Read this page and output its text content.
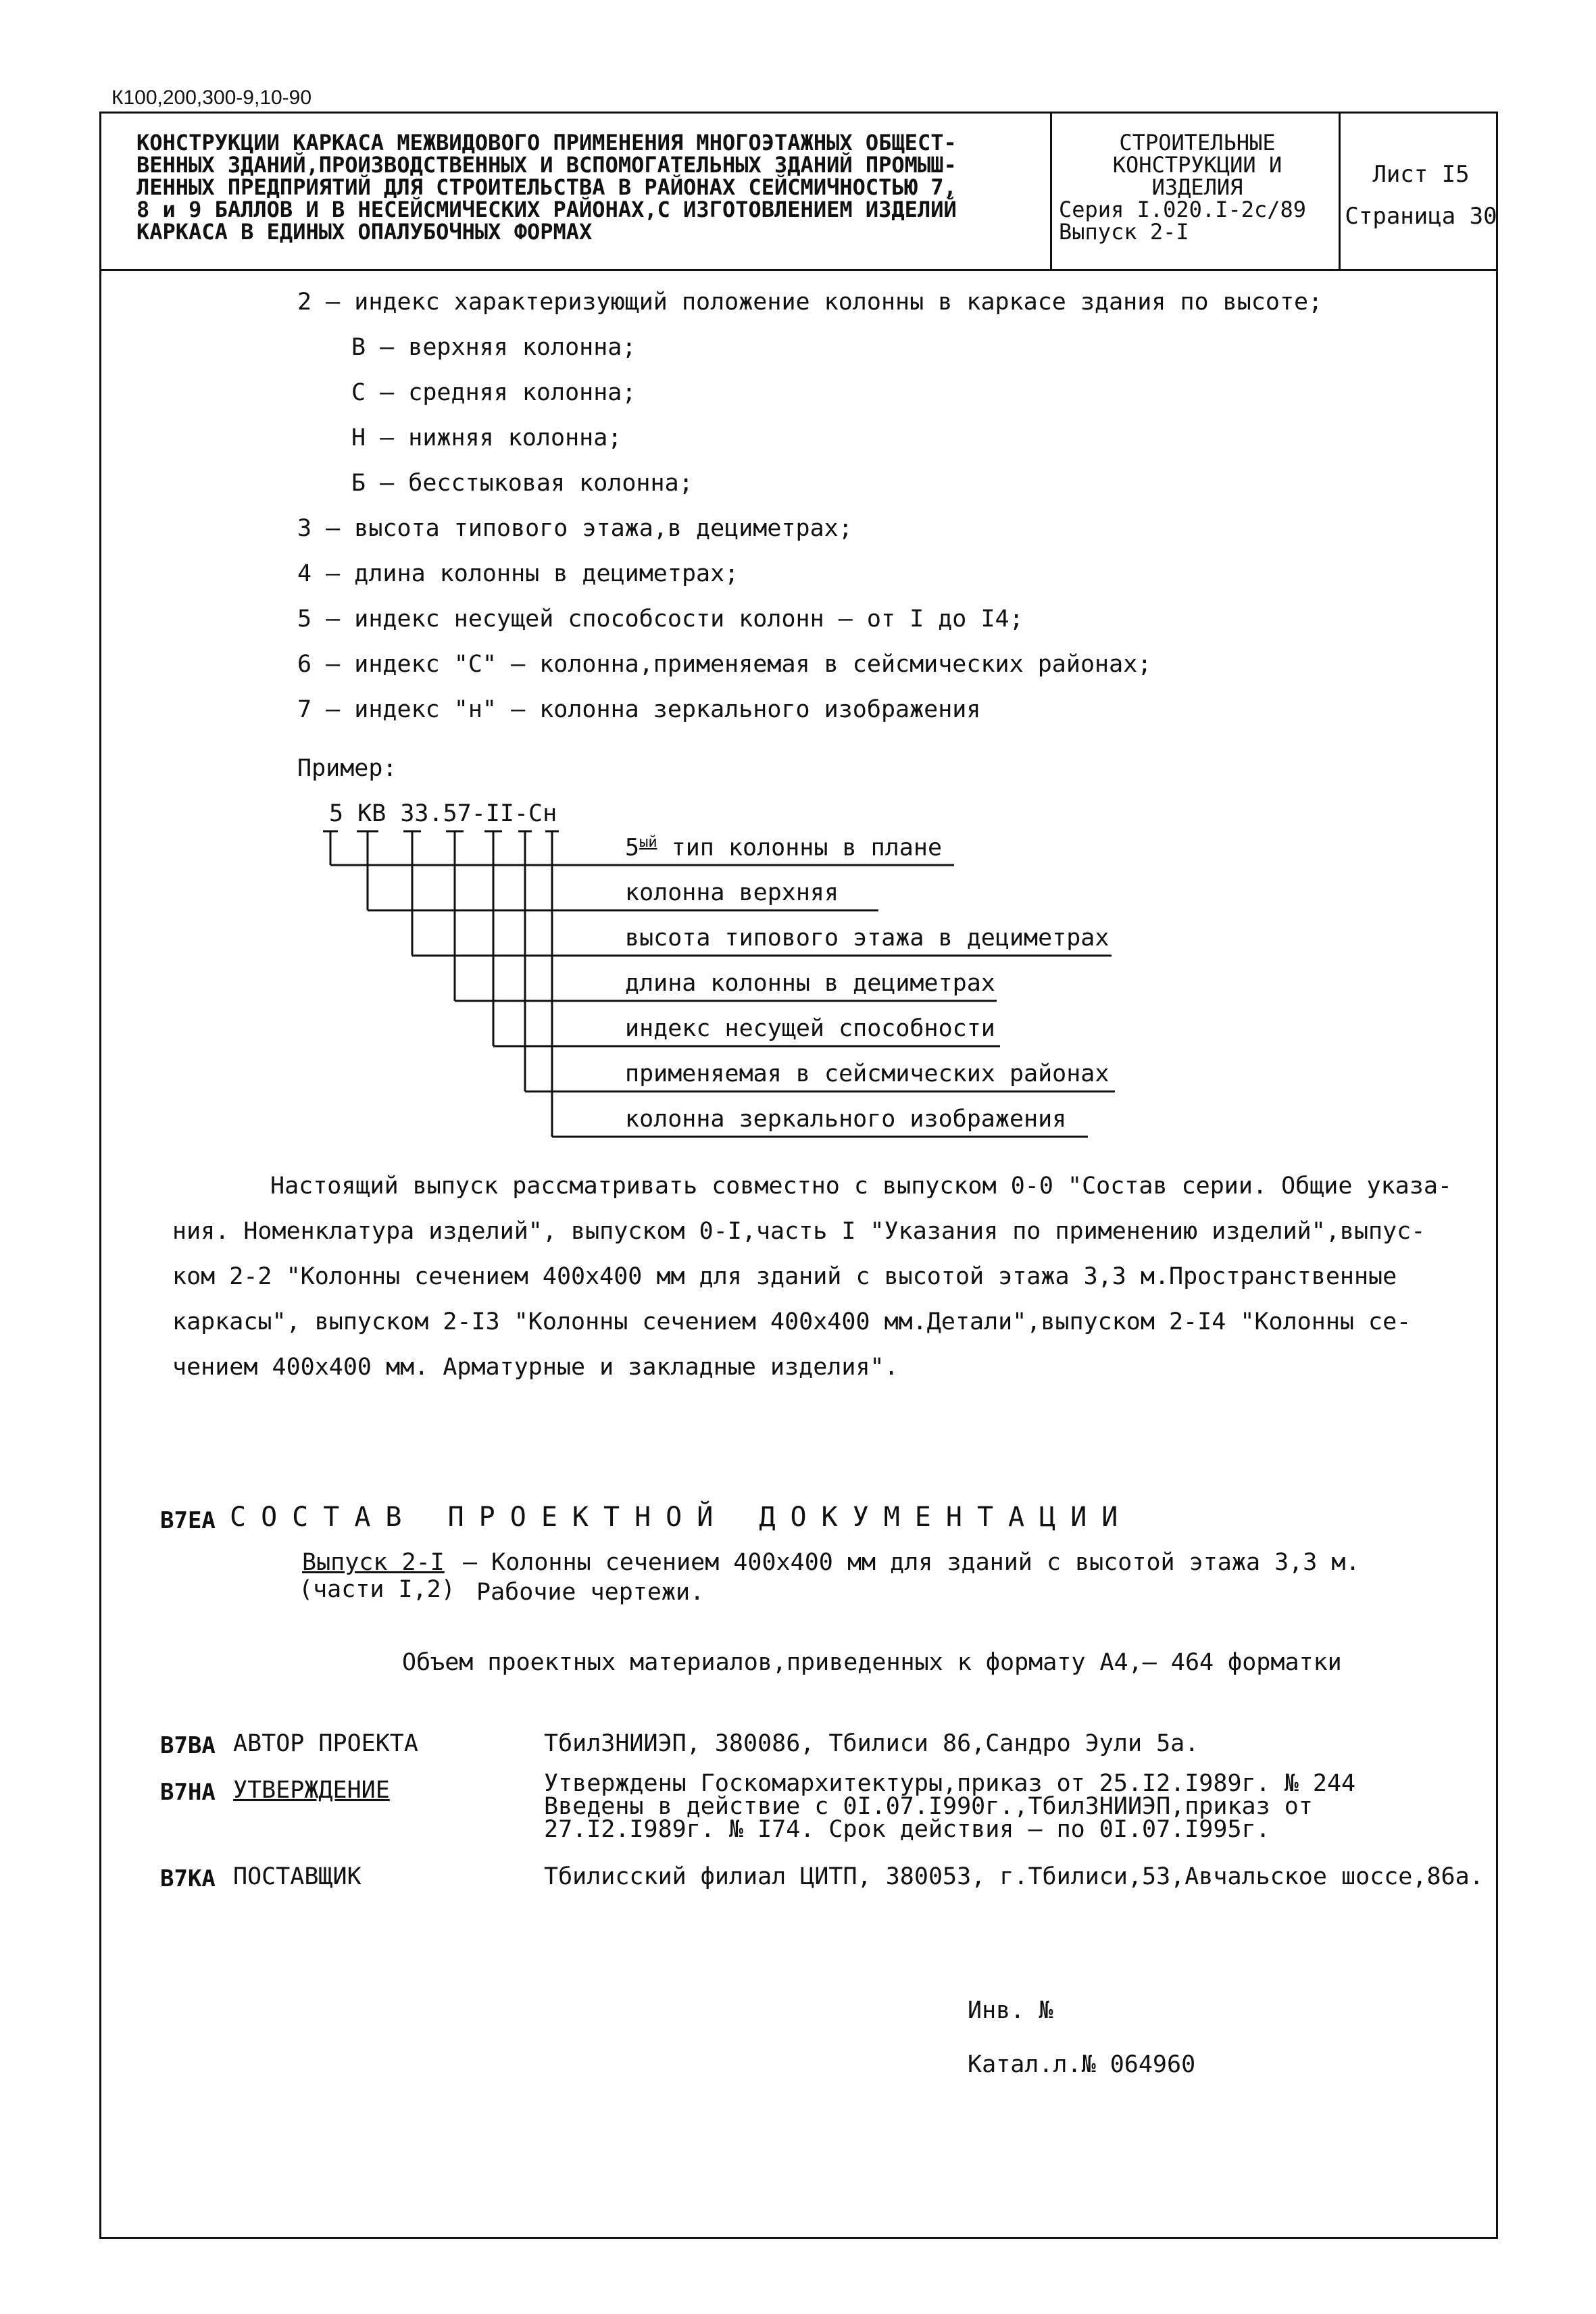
К100,200,300-9,10-90
КОНСТРУКЦИИ КАРКАСА МЕЖВИДОВОГО ПРИМЕНЕНИЯ МНОГОЭТАЖНЫХ ОБЩЕСТ-
ВЕННЫХ ЗДАНИЙ,ПРОИЗВОДСТВЕННЫХ И ВСПОМОГАТЕЛЬНЫХ ЗДАНИЙ ПРОМЫШ-
ЛЕННЫХ ПРЕДПРИЯТИЙ ДЛЯ СТРОИТЕЛЬСТВА В РАЙОНАХ СЕЙСМИЧНОСТЬЮ 7,
8 и 9 БАЛЛОВ И В НЕСЕЙСМИЧЕСКИХ РАЙОНАХ,С ИЗГОТОВЛЕНИЕМ ИЗДЕЛИЙ
КАРКАСА В ЕДИНЫХ ОПАЛУБОЧНЫХ ФОРМАХ
СТРОИТЕЛЬНЫЕ
КОНСТРУКЦИИ И
ИЗДЕЛИЯ
Серия I.020.I-2с/89
Выпуск 2-I
Лист I5
Страница 30
2 – индекс характеризующий положение колонны в каркасе здания по высоте;
В – верхняя колонна;
С – средняя колонна;
Н – нижняя колонна;
Б – бесстыковая колонна;
3 – высота типового этажа,в дециметрах;
4 – длина колонны в дециметрах;
5 – индекс несущей способсости колонн – от I до I4;
6 – индекс "С" – колонна,применяемая в сейсмических районах;
7 – индекс "н" – колонна зеркального изображения
Пример:
5 КВ 33.57-II-Сн
$5^{ый}$ тип колонны в плане
колонна верхняя
высота типового этажа в дециметрах
длина колонны в дециметрах
индекс несущей способности
применяемая в сейсмических районах
колонна зеркального изображения
Настоящий выпуск рассматривать совместно с выпуском 0-0 "Состав серии. Общие указа-
ния. Номенклатура изделий", выпуском 0-I,часть I "Указания по применению изделий",выпус-
ком 2-2 "Колонны сечением 400х400 мм для зданий с высотой этажа 3,3 м.Пространственные
каркасы", выпуском 2-I3 "Колонны сечением 400х400 мм.Детали",выпуском 2-I4 "Колонны се-
чением 400х400 мм. Арматурные и закладные изделия".
В7ЕА СОСТАВ ПРОЕКТНОЙ ДОКУМЕНТАЦИИ
Выпуск 2-I
(части I,2)
– Колонны сечением 400х400 мм для зданий с высотой этажа 3,3 м.
Рабочие чертежи.
Объем проектных материалов,приведенных к формату А4,– 464 форматки
В7ВА АВТОР ПРОЕКТА	ТбилЗНИИЭП, 380086, Тбилиси 86,Сандро Эули 5а.
В7НА УТВЕРЖДЕНИЕ	Утверждены Госкомархитектуры,приказ от 25.I2.I989г. № 244
Введены в действие с 0I.07.I990г.,ТбилЗНИИЭП,приказ от
27.I2.I989г. № I74. Срок действия – по 0I.07.I995г.
В7КА ПОСТАВЩИК	Тбилисский филиал ЦИТП, 380053, г.Тбилиси,53,Авчальское шоссе,86а.
Инв. №
Катал.л.№ 064960
